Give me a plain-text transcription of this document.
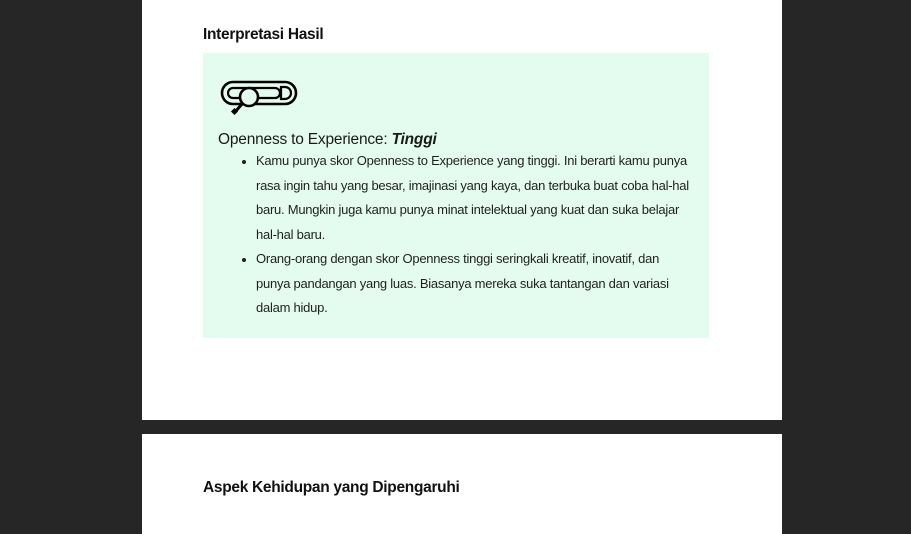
Interpretasi Hasil

Openness to Experience: Tinggi

• Kamu punya skor Openness to Experience yang tinggi. Ini berarti kamu punya rasa ingin tahu yang besar, imajinasi yang kaya, dan terbuka buat coba hal-hal baru. Mungkin juga kamu punya minat intelektual yang kuat dan suka belajar hal-hal baru.
• Orang-orang dengan skor Openness tinggi seringkali kreatif, inovatif, dan punya pandangan yang luas. Biasanya mereka suka tantangan dan variasi dalam hidup.
Aspek Kehidupan yang Dipengaruhi
